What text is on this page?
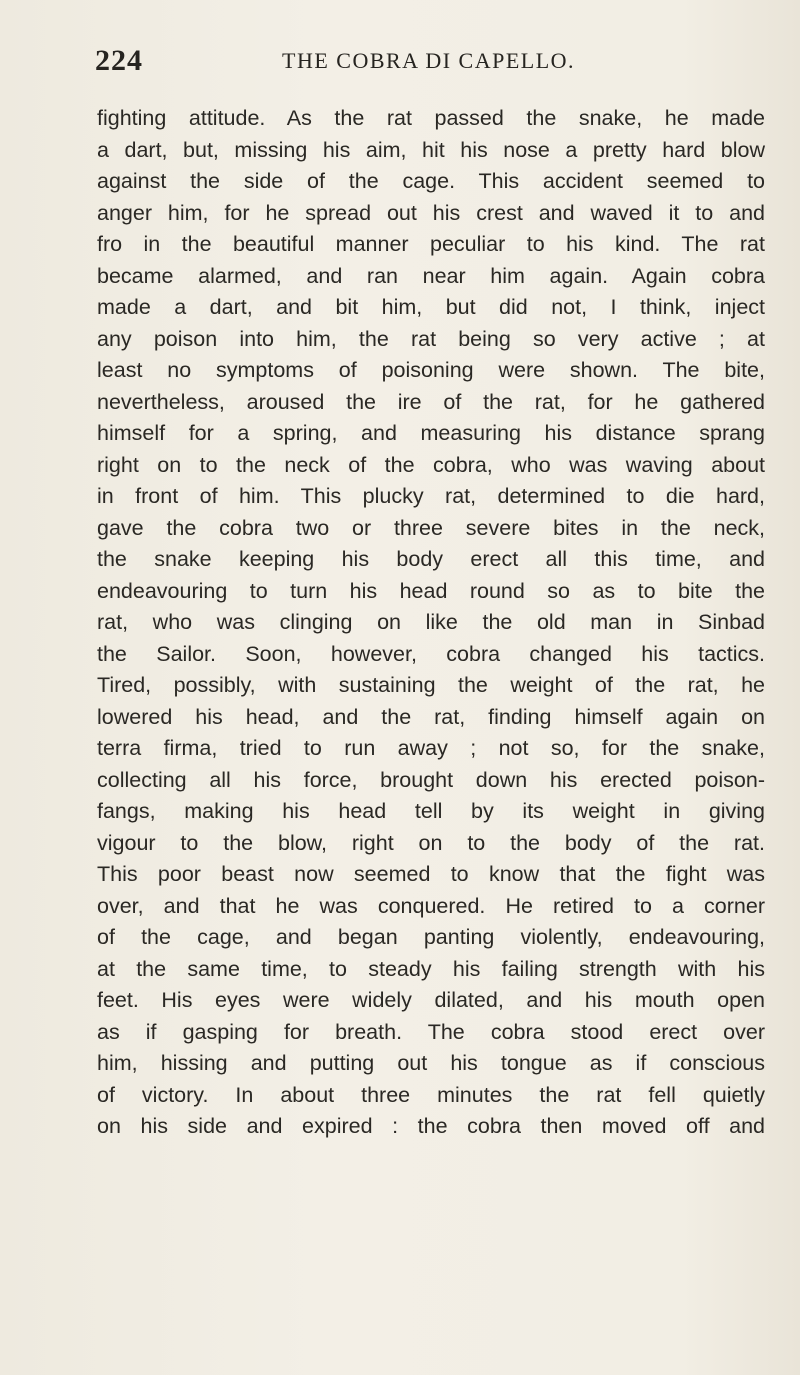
224	THE COBRA DI CAPELLO.
fighting attitude. As the rat passed the snake, he made
a dart, but, missing his aim, hit his nose a pretty hard blow
against the side of the cage. This accident seemed to
anger him, for he spread out his crest and waved it to and
fro in the beautiful manner peculiar to his kind. The rat
became alarmed, and ran near him again. Again cobra
made a dart, and bit him, but did not, I think, inject
any poison into him, the rat being so very active ; at
least no symptoms of poisoning were shown. The bite,
nevertheless, aroused the ire of the rat, for he gathered
himself for a spring, and measuring his distance sprang
right on to the neck of the cobra, who was waving about
in front of him. This plucky rat, determined to die hard,
gave the cobra two or three severe bites in the neck,
the snake keeping his body erect all this time, and
endeavouring to turn his head round so as to bite the
rat, who was clinging on like the old man in Sinbad
the Sailor. Soon, however, cobra changed his tactics.
Tired, possibly, with sustaining the weight of the rat, he
lowered his head, and the rat, finding himself again on
terra firma, tried to run away ; not so, for the snake,
collecting all his force, brought down his erected poison-
fangs, making his head tell by its weight in giving
vigour to the blow, right on to the body of the rat.
This poor beast now seemed to know that the fight was
over, and that he was conquered. He retired to a corner
of the cage, and began panting violently, endeavouring,
at the same time, to steady his failing strength with his
feet. His eyes were widely dilated, and his mouth open
as if gasping for breath. The cobra stood erect over
him, hissing and putting out his tongue as if conscious
of victory. In about three minutes the rat fell quietly
on his side and expired : the cobra then moved off and
